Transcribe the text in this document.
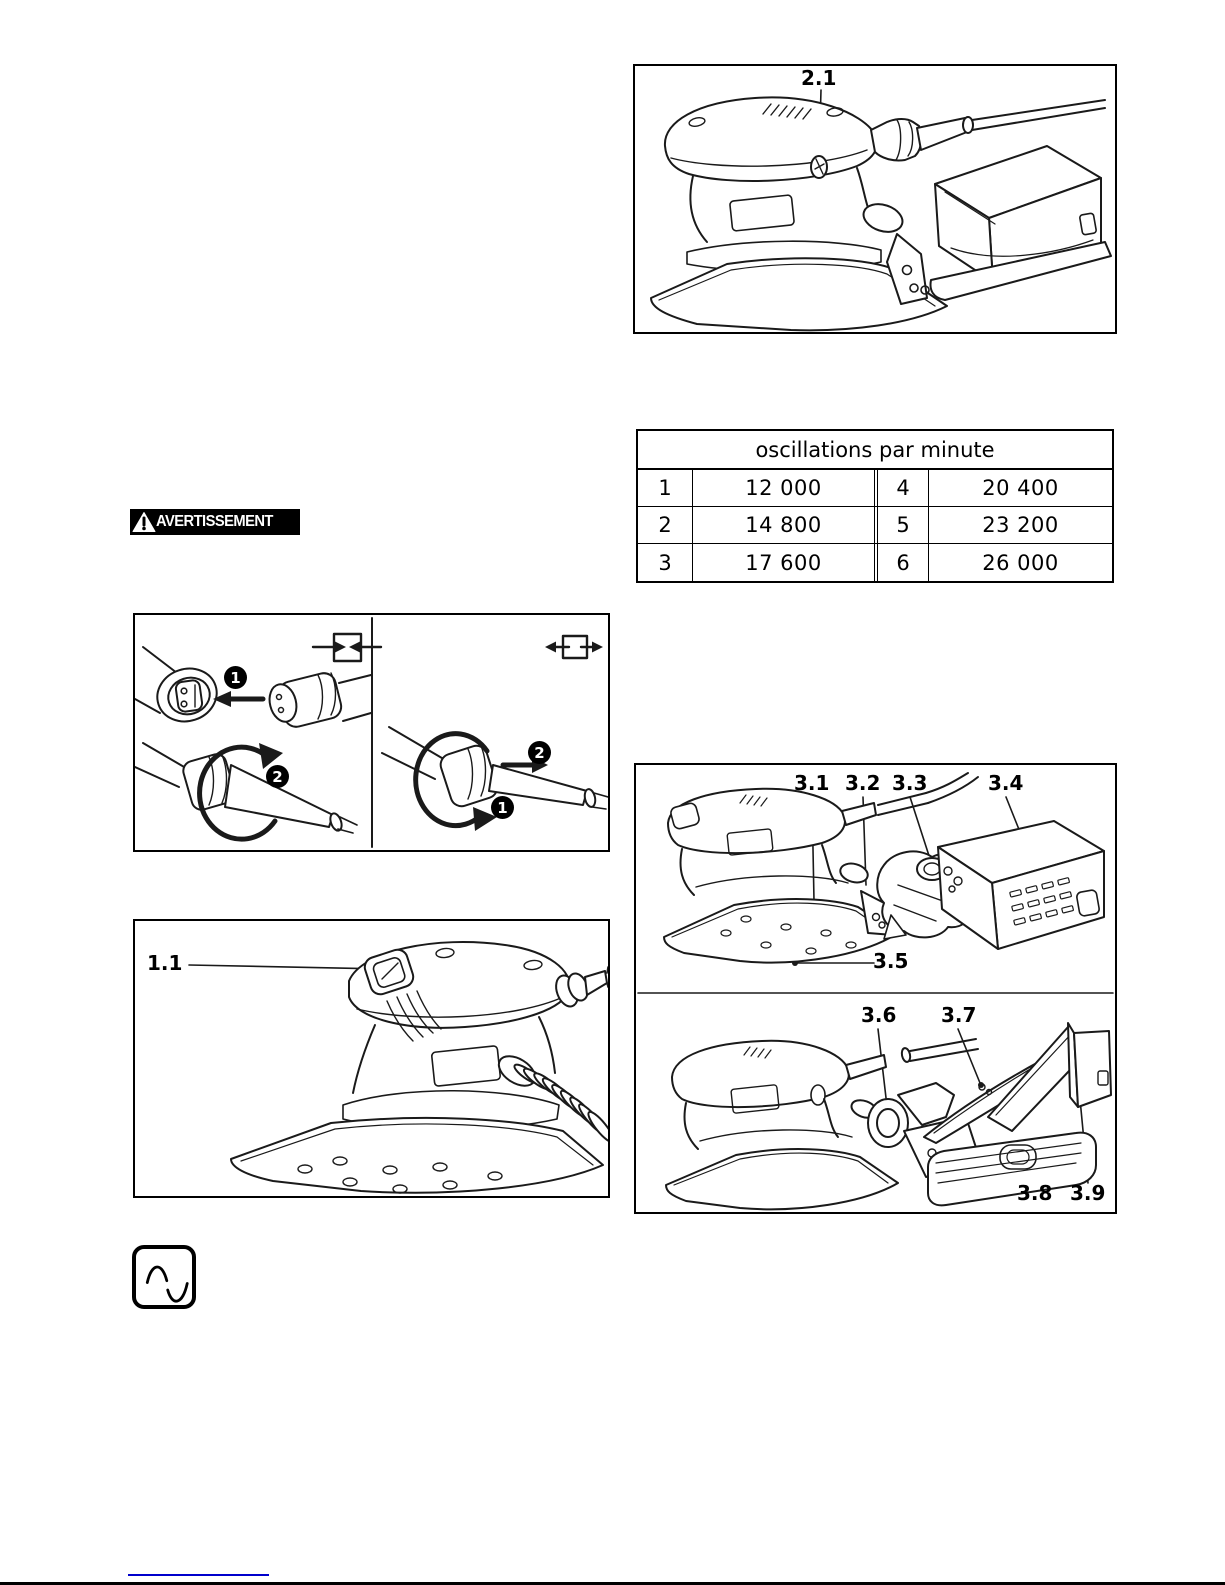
2.1
oscillations par minute
1	12 000	4	20 400
2	14 800	5	23 200
3	17 600	6	26 000
AVERTISSEMENT
1
2
2
1
1.1
3.1 3.2 3.3	3.4
3.5
3.6 3.7
3.8 3.9
